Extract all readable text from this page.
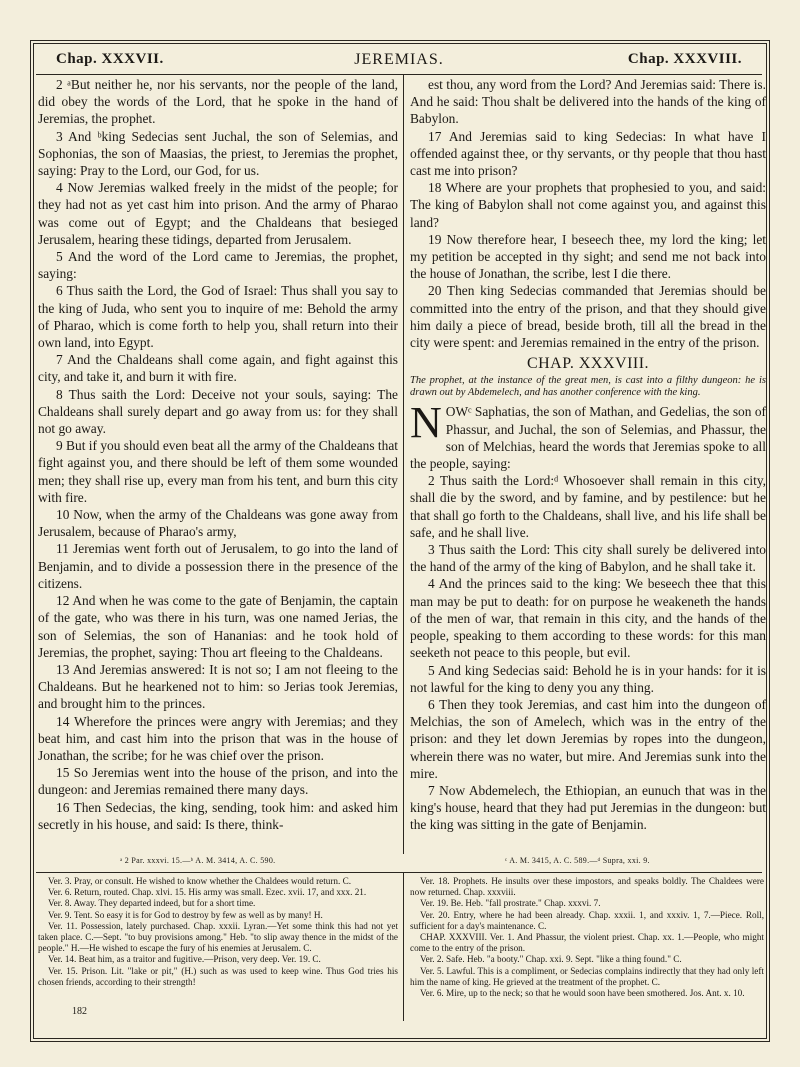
Chap. XXXVII.	JEREMIAS.	Chap. XXXVIII.

2 ᵃBut neither he, nor his servants, nor the people of the land, did obey the words of the Lord, that he spoke in the hand of Jeremias, the prophet.

3 And ᵇking Sedecias sent Juchal, the son of Selemias, and Sophonias, the son of Maasias, the priest, to Jeremias the prophet, saying: Pray to the Lord, our God, for us.

4 Now Jeremias walked freely in the midst of the people; for they had not as yet cast him into prison. And the army of Pharao was come out of Egypt; and the Chaldeans that besieged Jerusalem, hearing these tidings, departed from Jerusalem.

5 And the word of the Lord came to Jeremias, the prophet, saying:

6 Thus saith the Lord, the God of Israel: Thus shall you say to the king of Juda, who sent you to inquire of me: Behold the army of Pharao, which is come forth to help you, shall return into their own land, into Egypt.

7 And the Chaldeans shall come again, and fight against this city, and take it, and burn it with fire.

8 Thus saith the Lord: Deceive not your souls, saying: The Chaldeans shall surely depart and go away from us: for they shall not go away.

9 But if you should even beat all the army of the Chaldeans that fight against you, and there should be left of them some wounded men; they shall rise up, every man from his tent, and burn this city with fire.

10 Now, when the army of the Chaldeans was gone away from Jerusalem, because of Pharao's army,

11 Jeremias went forth out of Jerusalem, to go into the land of Benjamin, and to divide a possession there in the presence of the citizens.

12 And when he was come to the gate of Benjamin, the captain of the gate, who was there in his turn, was one named Jerias, the son of Selemias, the son of Hananias: and he took hold of Jeremias, the prophet, saying: Thou art fleeing to the Chaldeans.

13 And Jeremias answered: It is not so; I am not fleeing to the Chaldeans. But he hearkened not to him: so Jerias took Jeremias, and brought him to the princes.

14 Wherefore the princes were angry with Jeremias; and they beat him, and cast him into the prison that was in the house of Jonathan, the scribe; for he was chief over the prison.

15 So Jeremias went into the house of the prison, and into the dungeon: and Jeremias remained there many days.

16 Then Sedecias, the king, sending, took him: and asked him secretly in his house, and said: Is there, think-

est thou, any word from the Lord? And Jeremias said: There is. And he said: Thou shalt be delivered into the hands of the king of Babylon.

17 And Jeremias said to king Sedecias: In what have I offended against thee, or thy servants, or thy people that thou hast cast me into prison?

18 Where are your prophets that prophesied to you, and said: The king of Babylon shall not come against you, and against this land?

19 Now therefore hear, I beseech thee, my lord the king; let my petition be accepted in thy sight; and send me not back into the house of Jonathan, the scribe, lest I die there.

20 Then king Sedecias commanded that Jeremias should be committed into the entry of the prison, and that they should give him daily a piece of bread, beside broth, till all the bread in the city were spent: and Jeremias remained in the entry of the prison.

CHAP. XXXVIII.

The prophet, at the instance of the great men, is cast into a filthy dungeon: he is drawn out by Abdemelech, and has another conference with the king.

NOWᶜ Saphatias, the son of Mathan, and Gedelias, the son of Phassur, and Juchal, the son of Selemias, and Phassur, the son of Melchias, heard the words that Jeremias spoke to all the people, saying:

2 Thus saith the Lord:ᵈ Whosoever shall remain in this city, shall die by the sword, and by famine, and by pestilence: but he that shall go forth to the Chaldeans, shall live, and his life shall be safe, and he shall live.

3 Thus saith the Lord: This city shall surely be delivered into the hand of the army of the king of Babylon, and he shall take it.

4 And the princes said to the king: We beseech thee that this man may be put to death: for on purpose he weakeneth the hands of the men of war, that remain in this city, and the hands of the people, speaking to them according to these words: for this man seeketh not peace to this people, but evil.

5 And king Sedecias said: Behold he is in your hands: for it is not lawful for the king to deny you any thing.

6 Then they took Jeremias, and cast him into the dungeon of Melchias, the son of Amelech, which was in the entry of the prison: and they let down Jeremias by ropes into the dungeon, wherein there was no water, but mire. And Jeremias sunk into the mire.

7 Now Abdemelech, the Ethiopian, an eunuch that was in the king's house, heard that they had put Jeremias in the dungeon: but the king was sitting in the gate of Benjamin.

ᵃ 2 Par. xxxvi. 15.—ᵇ A. M. 3414, A. C. 590.	ᶜ A. M. 3415, A. C. 589.—ᵈ Supra, xxi. 9.

Ver. 3. Pray, or consult. He wished to know whether the Chaldees would return. C.

Ver. 6. Return, routed. Chap. xlvi. 15. His army was small. Ezec. xvii. 17, and xxx. 21.

Ver. 8. Away. They departed indeed, but for a short time.

Ver. 9. Tent. So easy it is for God to destroy by few as well as by many! H.

Ver. 11. Possession, lately purchased. Chap. xxxii. Lyran.—Yet some think this had not yet taken place. C.—Sept. "to buy provisions among." Heb. "to slip away thence in the midst of the people." H.—He wished to escape the fury of his enemies at Jerusalem. C.

Ver. 14. Beat him, as a traitor and fugitive.—Prison, very deep. Ver. 19. C.

Ver. 15. Prison. Lit. "lake or pit," (H.) such as was used to keep wine. Thus God tries his chosen friends, according to their strength!

Ver. 18. Prophets. He insults over these impostors, and speaks boldly. The Chaldees were now returned. Chap. xxxviii.

Ver. 19. Be. Heb. "fall prostrate." Chap. xxxvi. 7.

Ver. 20. Entry, where he had been already. Chap. xxxii. 1, and xxxiv. 1, 7.—Piece. Roll, sufficient for a day's maintenance. C.

CHAP. XXXVIII. Ver. 1. And Phassur, the violent priest. Chap. xx. 1.—People, who might come to the entry of the prison.

Ver. 2. Safe. Heb. "a booty." Chap. xxi. 9. Sept. "like a thing found." C.

Ver. 5. Lawful. This is a compliment, or Sedecias complains indirectly that they had only left him the name of king. He grieved at the treatment of the prophet. C.

Ver. 6. Mire, up to the neck; so that he would soon have been smothered. Jos. Ant. x. 10.

182
